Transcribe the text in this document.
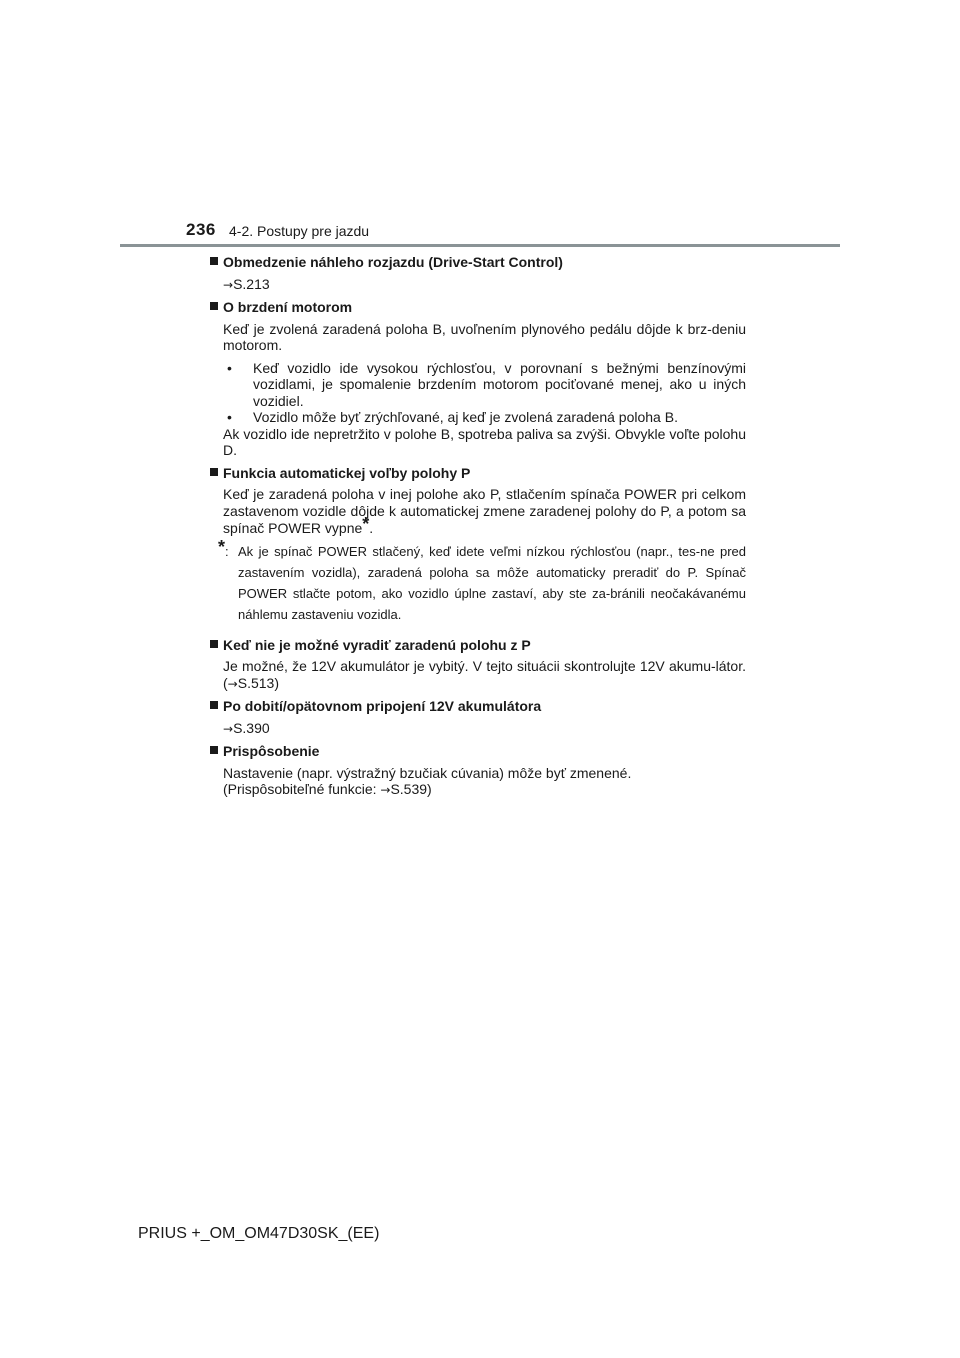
236 4-2. Postupy pre jazdu
Obmedzenie náhleho rozjazdu (Drive-Start Control)
→S.213
O brzdení motorom
Keď je zvolená zaradená poloha B, uvoľnením plynového pedálu dôjde k brz-deniu motorom.
• Keď vozidlo ide vysokou rýchlosťou, v porovnaní s bežnými benzínovými vozidlami, je spomalenie brzdením motorom pociťované menej, ako u iných vozidiel.
• Vozidlo môže byť zrýchľované, aj keď je zvolená zaradená poloha B.
Ak vozidlo ide nepretržito v polohe B, spotreba paliva sa zvýši. Obvykle voľte polohu D.
Funkcia automatickej voľby polohy P
Keď je zaradená poloha v inej polohe ako P, stlačením spínača POWER pri celkom zastavenom vozidle dôjde k automatickej zmene zaradenej polohy do P, a potom sa spínač POWER vypne*.
*: Ak je spínač POWER stlačený, keď idete veľmi nízkou rýchlosťou (napr., tes-ne pred zastavením vozidla), zaradená poloha sa môže automaticky preradiť do P. Spínač POWER stlačte potom, ako vozidlo úplne zastaví, aby ste za-bránili neočakávanému náhlemu zastaveniu vozidla.
Keď nie je možné vyradiť zaradenú polohu z P
Je možné, že 12V akumulátor je vybitý. V tejto situácii skontrolujte 12V akumu-látor. (→S.513)
Po dobití/opätovnom pripojení 12V akumulátora
→S.390
Prispôsobenie
Nastavenie (napr. výstražný bzučiak cúvania) môže byť zmenené.
(Prispôsobiteľné funkcie: →S.539)
PRIUS +_OM_OM47D30SK_(EE)
